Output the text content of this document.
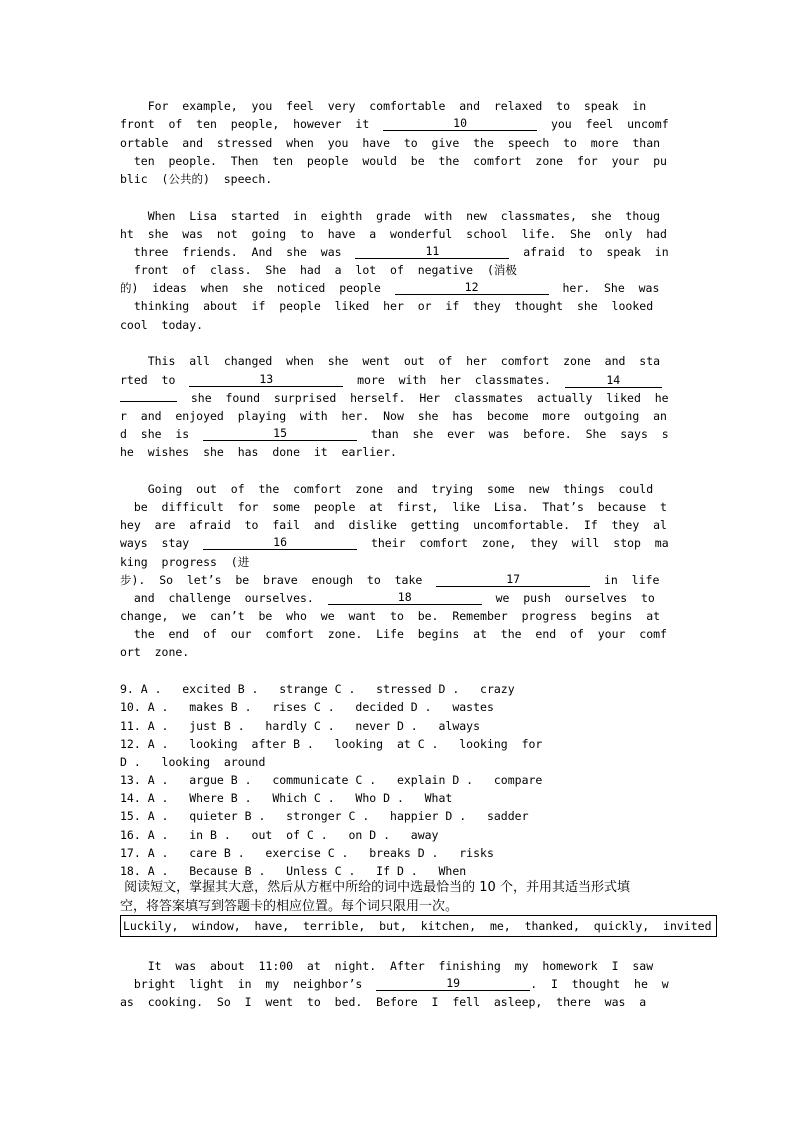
For  example,  you  feel  very  comfortable  and  relaxed  to  speak  in
front  of  ten  people,  however  it	10	you  feel  uncomf
ortable  and  stressed  when  you  have  to  give  the  speech  to  more  than
ten  people.  Then  ten  people  would  be  the  comfort  zone  for  your  pu
blic  (公共的)  speech.
When  Lisa  started  in  eighth  grade  with  new  classmates,  she  thoug
ht  she  was  not  going  to  have  a  wonderful  school  life.  She  only  had
three  friends.  And  she  was	11	afraid  to  speak  in
front  of  class.  She  had  a  lot  of  negative  (消极
的)  ideas  when  she  noticed  people	12	her.  She  was
thinking  about  if  people  liked  her  or  if  they  thought  she  looked
cool  today.
This  all  changed  when  she  went  out  of  her  comfort  zone  and  sta
rted  to	13	more  with  her  classmates.	14
she  found  surprised  herself.  Her  classmates  actually  liked  he
r  and  enjoyed  playing  with  her.  Now  she  has  become  more  outgoing  an
d  she  is	15	than  she  ever  was  before.  She  says  s
he  wishes  she  has  done  it  earlier.
Going  out  of  the  comfort  zone  and  trying  some  new  things  could
be  difficult  for  some  people  at  first,  like  Lisa.  That’s  because  t
hey  are  afraid  to  fail  and  dislike  getting  uncomfortable.  If  they  al
ways  stay	16	their  comfort  zone,  they  will  stop  ma
king  progress  (进
步).  So  let’s  be  brave  enough  to  take	17	in  life
and  challenge  ourselves.	18	we  push  ourselves  to
change,  we  can’t  be  who  we  want  to  be.  Remember  progress  begins  at
the  end  of  our  comfort  zone.  Life  begins  at  the  end  of  your  comf
ort  zone.
9. A .   excited B .   strange C .   stressed D .   crazy
10. A .   makes B .   rises C .   decided D .   wastes
11. A .   just B .   hardly C .   never D .   always
12. A .   looking  after B .   looking  at C .   looking  for
D .   looking  around
13. A .   argue B .   communicate C .   explain D .   compare
14. A .   Where B .   Which C .   Who D .   What
15. A .   quieter B .   stronger C .   happier D .   sadder
16. A .   in B .   out  of C .   on D .   away
17. A .   care B .   exercise C .   breaks D .   risks
18. A .   Because B .   Unless C .   If D .   When
阅读短文，掌握其大意，然后从方框中所给的词中选最恰当的 10 个，并用其适当形式填
空，将答案填写到答题卡的相应位置。每个词只限用一次。
Luckily,  window,  have,  terrible,  but,  kitchen,  me,  thanked,  quickly,  invited
It  was  about  11:00  at  night.  After  finishing  my  homework  I  saw
bright  light  in  my  neighbor’s	19	.  I  thought  he  w
as  cooking.  So  I  went  to  bed.  Before  I  fell  asleep,  there  was  a
